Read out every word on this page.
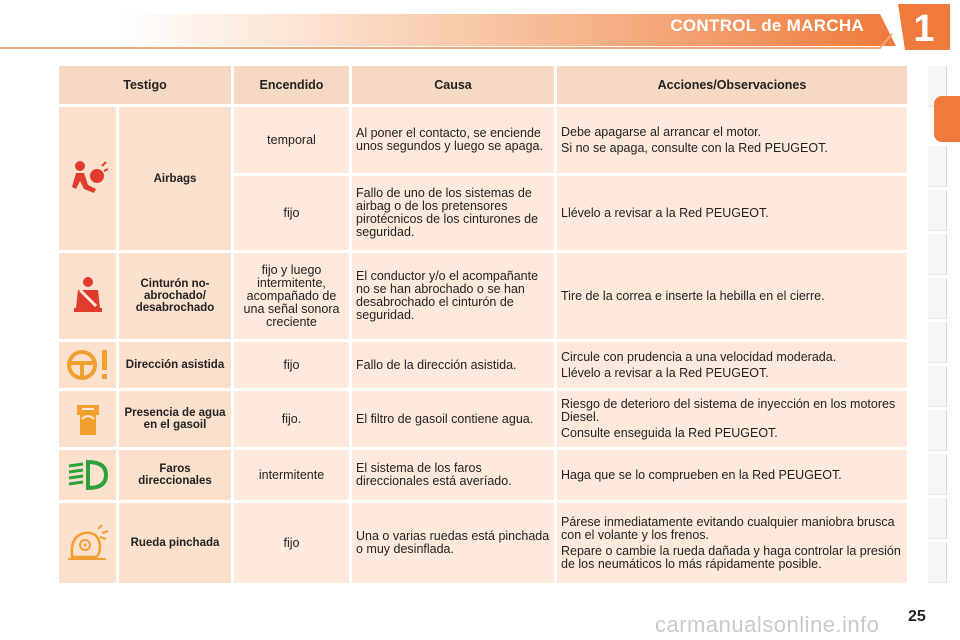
CONTROL de MARCHA	1
Testigo		Encendido	Causa	Acciones/Observaciones

	Airbags	temporal	Al poner el contacto, se enciende unos segundos y luego se apaga.	Debe apagarse al arrancar el motor.

Si no se apaga, consulte con la Red PEUGEOT.

		fijo	Fallo de uno de los sistemas de airbag o de los pretensores pirotécnicos de los cinturones de seguridad.	Llévelo a revisar a la Red PEUGEOT.

	Cinturón no-abrochado/ desabrochado	fijo y luego intermitente, acompañado de una señal sonora creciente	El conductor y/o el acompañante no se han abrochado o se han desabrochado el cinturón de seguridad.	Tire de la correa e inserte la hebilla en el cierre.

	Dirección asistida	fijo	Fallo de la dirección asistida.	Circule con prudencia a una velocidad moderada.

Llévelo a revisar a la Red PEUGEOT.

	Presencia de agua en el gasoil	fijo.	El filtro de gasoil contiene agua.	Riesgo de deterioro del sistema de inyección en los motores Diesel.

Consulte enseguida la Red PEUGEOT.

	Faros direccionales	intermitente	El sistema de los faros direccionales está averíado.	Haga que se lo comprueben en la Red PEUGEOT.

	Rueda pinchada	fijo	Una o varias ruedas está pinchada o muy desinflada.	Párese inmediatamente evitando cualquier maniobra brusca con el volante y los frenos.

Repare o cambie la rueda dañada y haga controlar la presión de los neumáticos lo más rápidamente posible.

25
carmanualsonline.info
